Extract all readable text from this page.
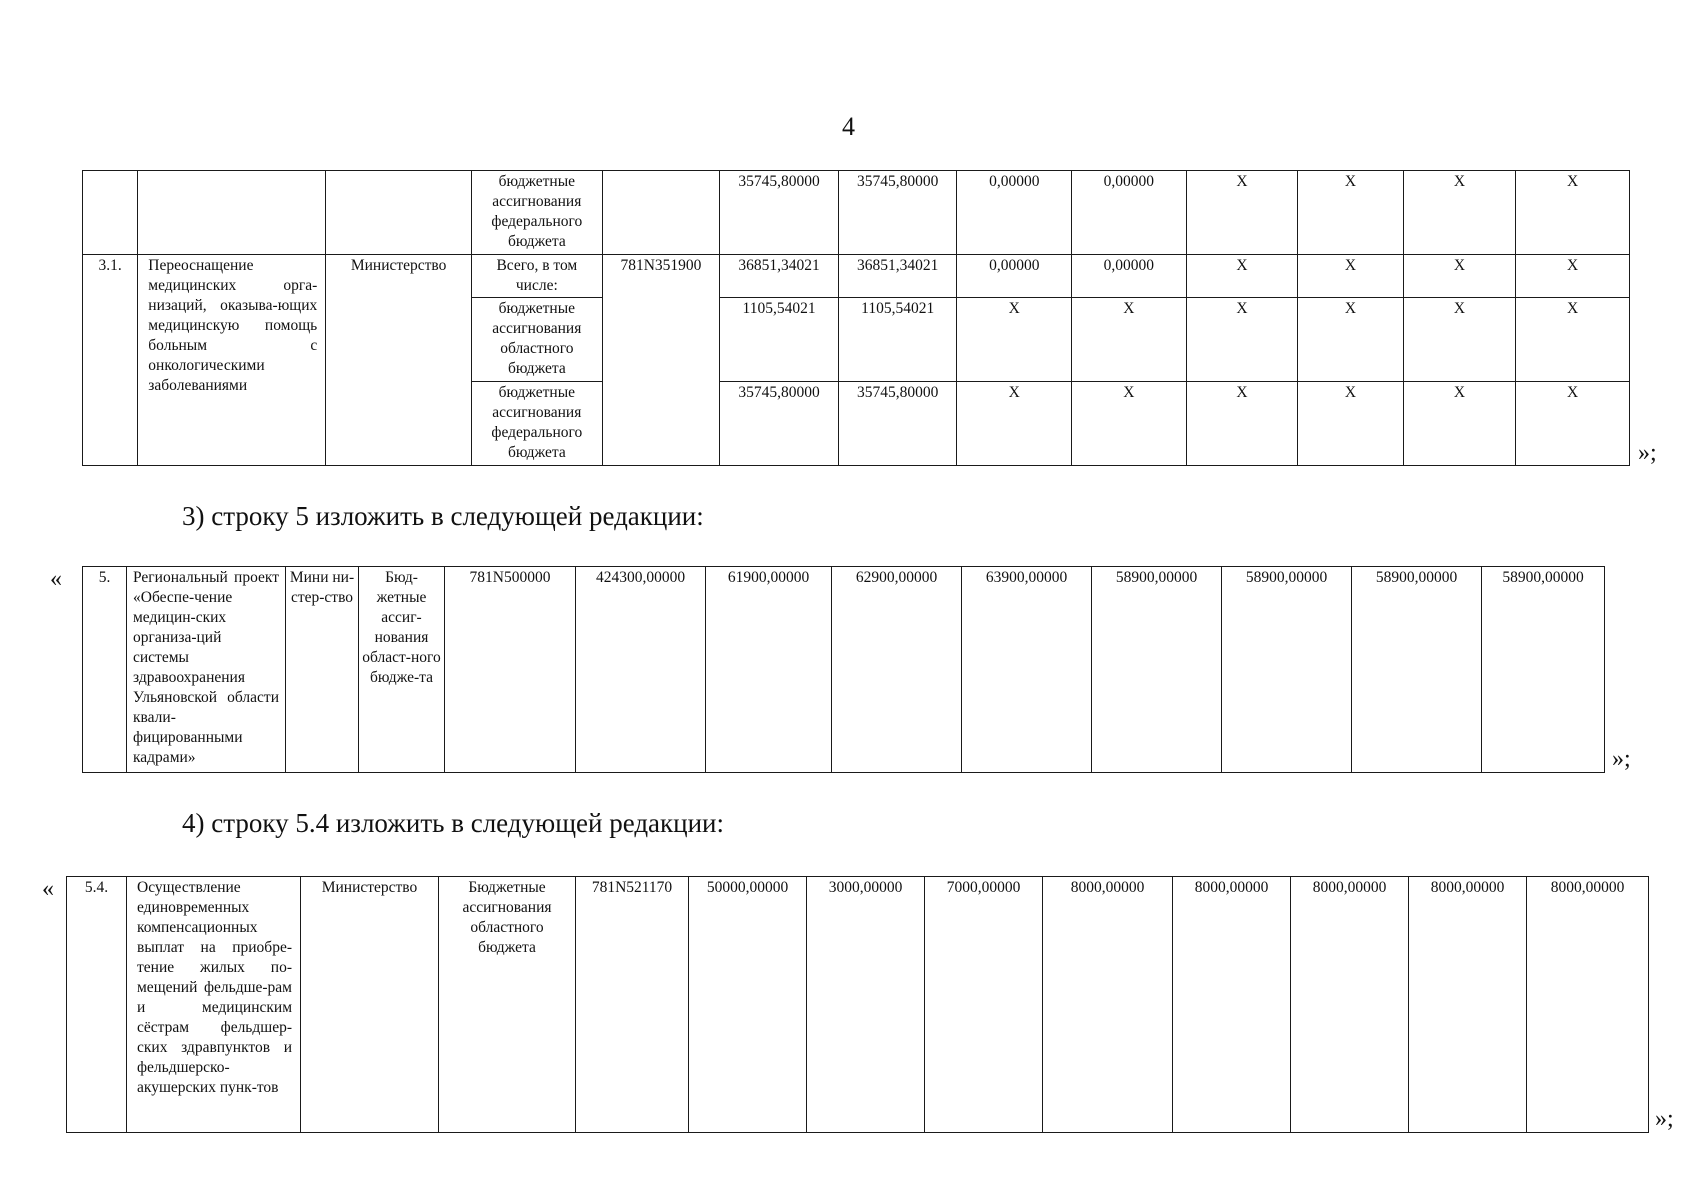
4
			бюджетные ассигнования федерального бюджета		35745,80000	35745,80000	0,00000	0,00000	X	X	X	X
3.1.	Переоснащение медицинских орга-низаций, оказыва-ющих медицинскую помощь больным с онкологическими заболеваниями	Министерство	Всего, в том числе:	781N351900	36851,34021	36851,34021	0,00000	0,00000	X	X	X	X
			бюджетные ассигнования областного бюджета		1105,54021	1105,54021	X	X	X	X	X	X
			бюджетные ассигнования федерального бюджета		35745,80000	35745,80000	X	X	X	X	X	X
»;
3) строку 5 изложить в следующей редакции:
« 5.	Региональный проект «Обеспе-чение медицин-ских организа-ций системы здравоохранения Ульяновской области квали-фицированными кадрами»	Мини ни-стер-ство	Бюд-жетные ассиг-нования област-ного бюдже-та	781N500000	424300,00000	61900,00000	62900,00000	63900,00000	58900,00000	58900,00000	58900,00000	58900,00000
»;
4) строку 5.4 изложить в следующей редакции:
« 5.4.	Осуществление единовременных компенсационных выплат на приобре-тение жилых по-мещений фельдше-рам и медицинским сёстрам фельдшер-ских здравпунктов и фельдшерско-акушерских пунк-тов	Министерство	Бюджетные ассигнования областного бюджета	781N521170	50000,00000	3000,00000	7000,00000	8000,00000	8000,00000	8000,00000	8000,00000	8000,00000
»;
